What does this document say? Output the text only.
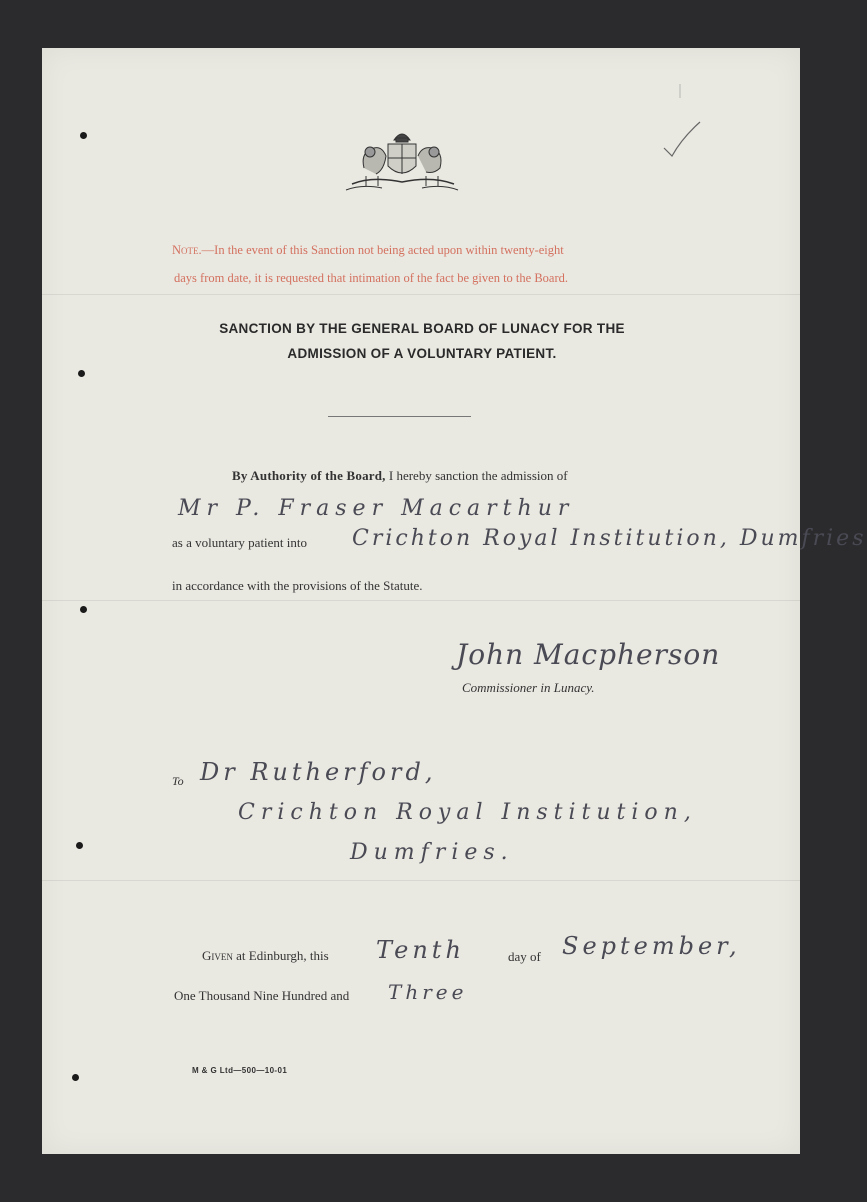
Note.—In the event of this Sanction not being acted upon within twenty-eight
days from date, it is requested that intimation of the fact be given to the Board.
SANCTION BY THE GENERAL BOARD OF LUNACY FOR THE
ADMISSION OF A VOLUNTARY PATIENT.
By Authority of the Board, I hereby sanction the admission of
Mr P. Fraser Macarthur
as a voluntary patient into Crichton Royal Institution, Dumfries
in accordance with the provisions of the Statute.
John Macpherson
Commissioner in Lunacy.
To Dr Rutherford,
Crichton Royal Institution,
Dumfries.
Given at Edinburgh, this Tenth	day of September,
One Thousand Nine Hundred and Three
M & G Ltd—500—10-01
